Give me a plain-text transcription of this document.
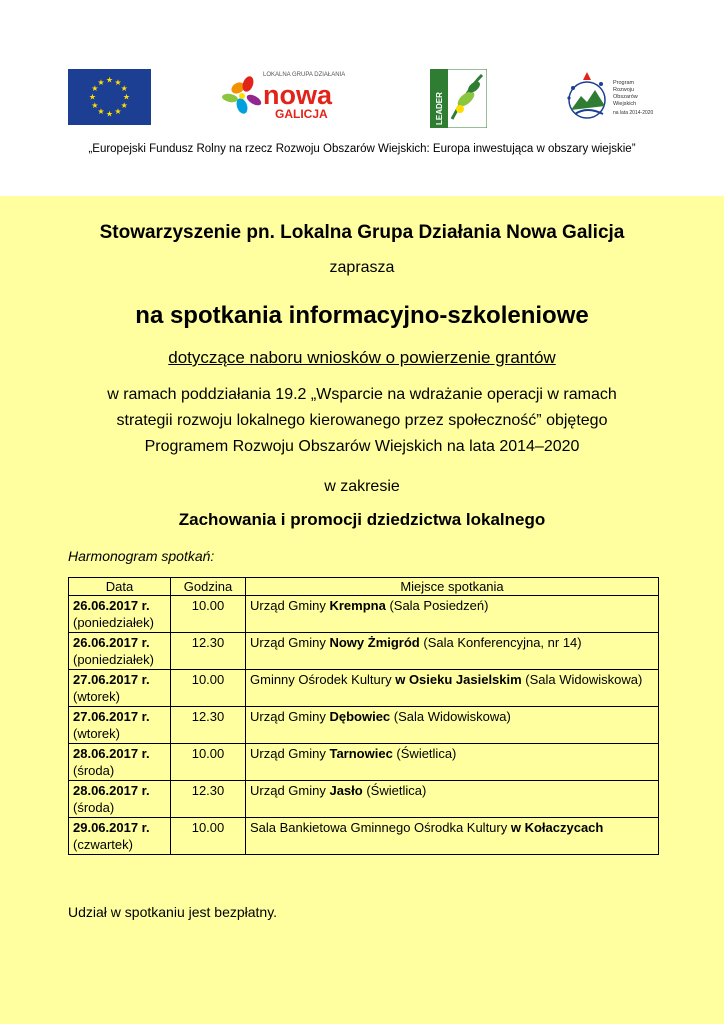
★ ★
★
★
★
★
★
★
★
★
★
★
LOKALNA GRUPA DZIAŁANIA
nowa
GALICJA	LEADER
Program
Rozwoju
Obszarów
Wiejskich
na lata 2014-2020
„Europejski Fundusz Rolny na rzecz Rozwoju Obszarów Wiejskich: Europa inwestująca w obszary wiejskie”
Stowarzyszenie pn. Lokalna Grupa Działania Nowa Galicja
zaprasza
na spotkania informacyjno-szkoleniowe
dotyczące naboru wniosków o powierzenie grantów
w ramach poddziałania 19.2 „Wsparcie na wdrażanie operacji w ramach
strategii rozwoju lokalnego kierowanego przez społeczność” objętego
Programem Rozwoju Obszarów Wiejskich na lata 2014–2020
w zakresie
Zachowania i promocji dziedzictwa lokalnego
Harmonogram spotkań:
Data	Godzina	Miejsce spotkania

26.06.2017 r.
(poniedziałek)	10.00	Urząd Gminy Krempna (Sala Posiedzeń)

26.06.2017 r.
(poniedziałek)	12.30	Urząd Gminy Nowy Żmigród (Sala Konferencyjna, nr 14)

27.06.2017 r.
(wtorek)	10.00	Gminny Ośrodek Kultury w Osieku Jasielskim (Sala Widowiskowa)

27.06.2017 r.
(wtorek)	12.30	Urząd Gminy Dębowiec (Sala Widowiskowa)

28.06.2017 r.
(środa)	10.00	Urząd Gminy Tarnowiec (Świetlica)

28.06.2017 r.
(środa)	12.30	Urząd Gminy Jasło (Świetlica)

29.06.2017 r.
(czwartek)	10.00	Sala Bankietowa Gminnego Ośrodka Kultury w Kołaczycach
Udział w spotkaniu jest bezpłatny.
